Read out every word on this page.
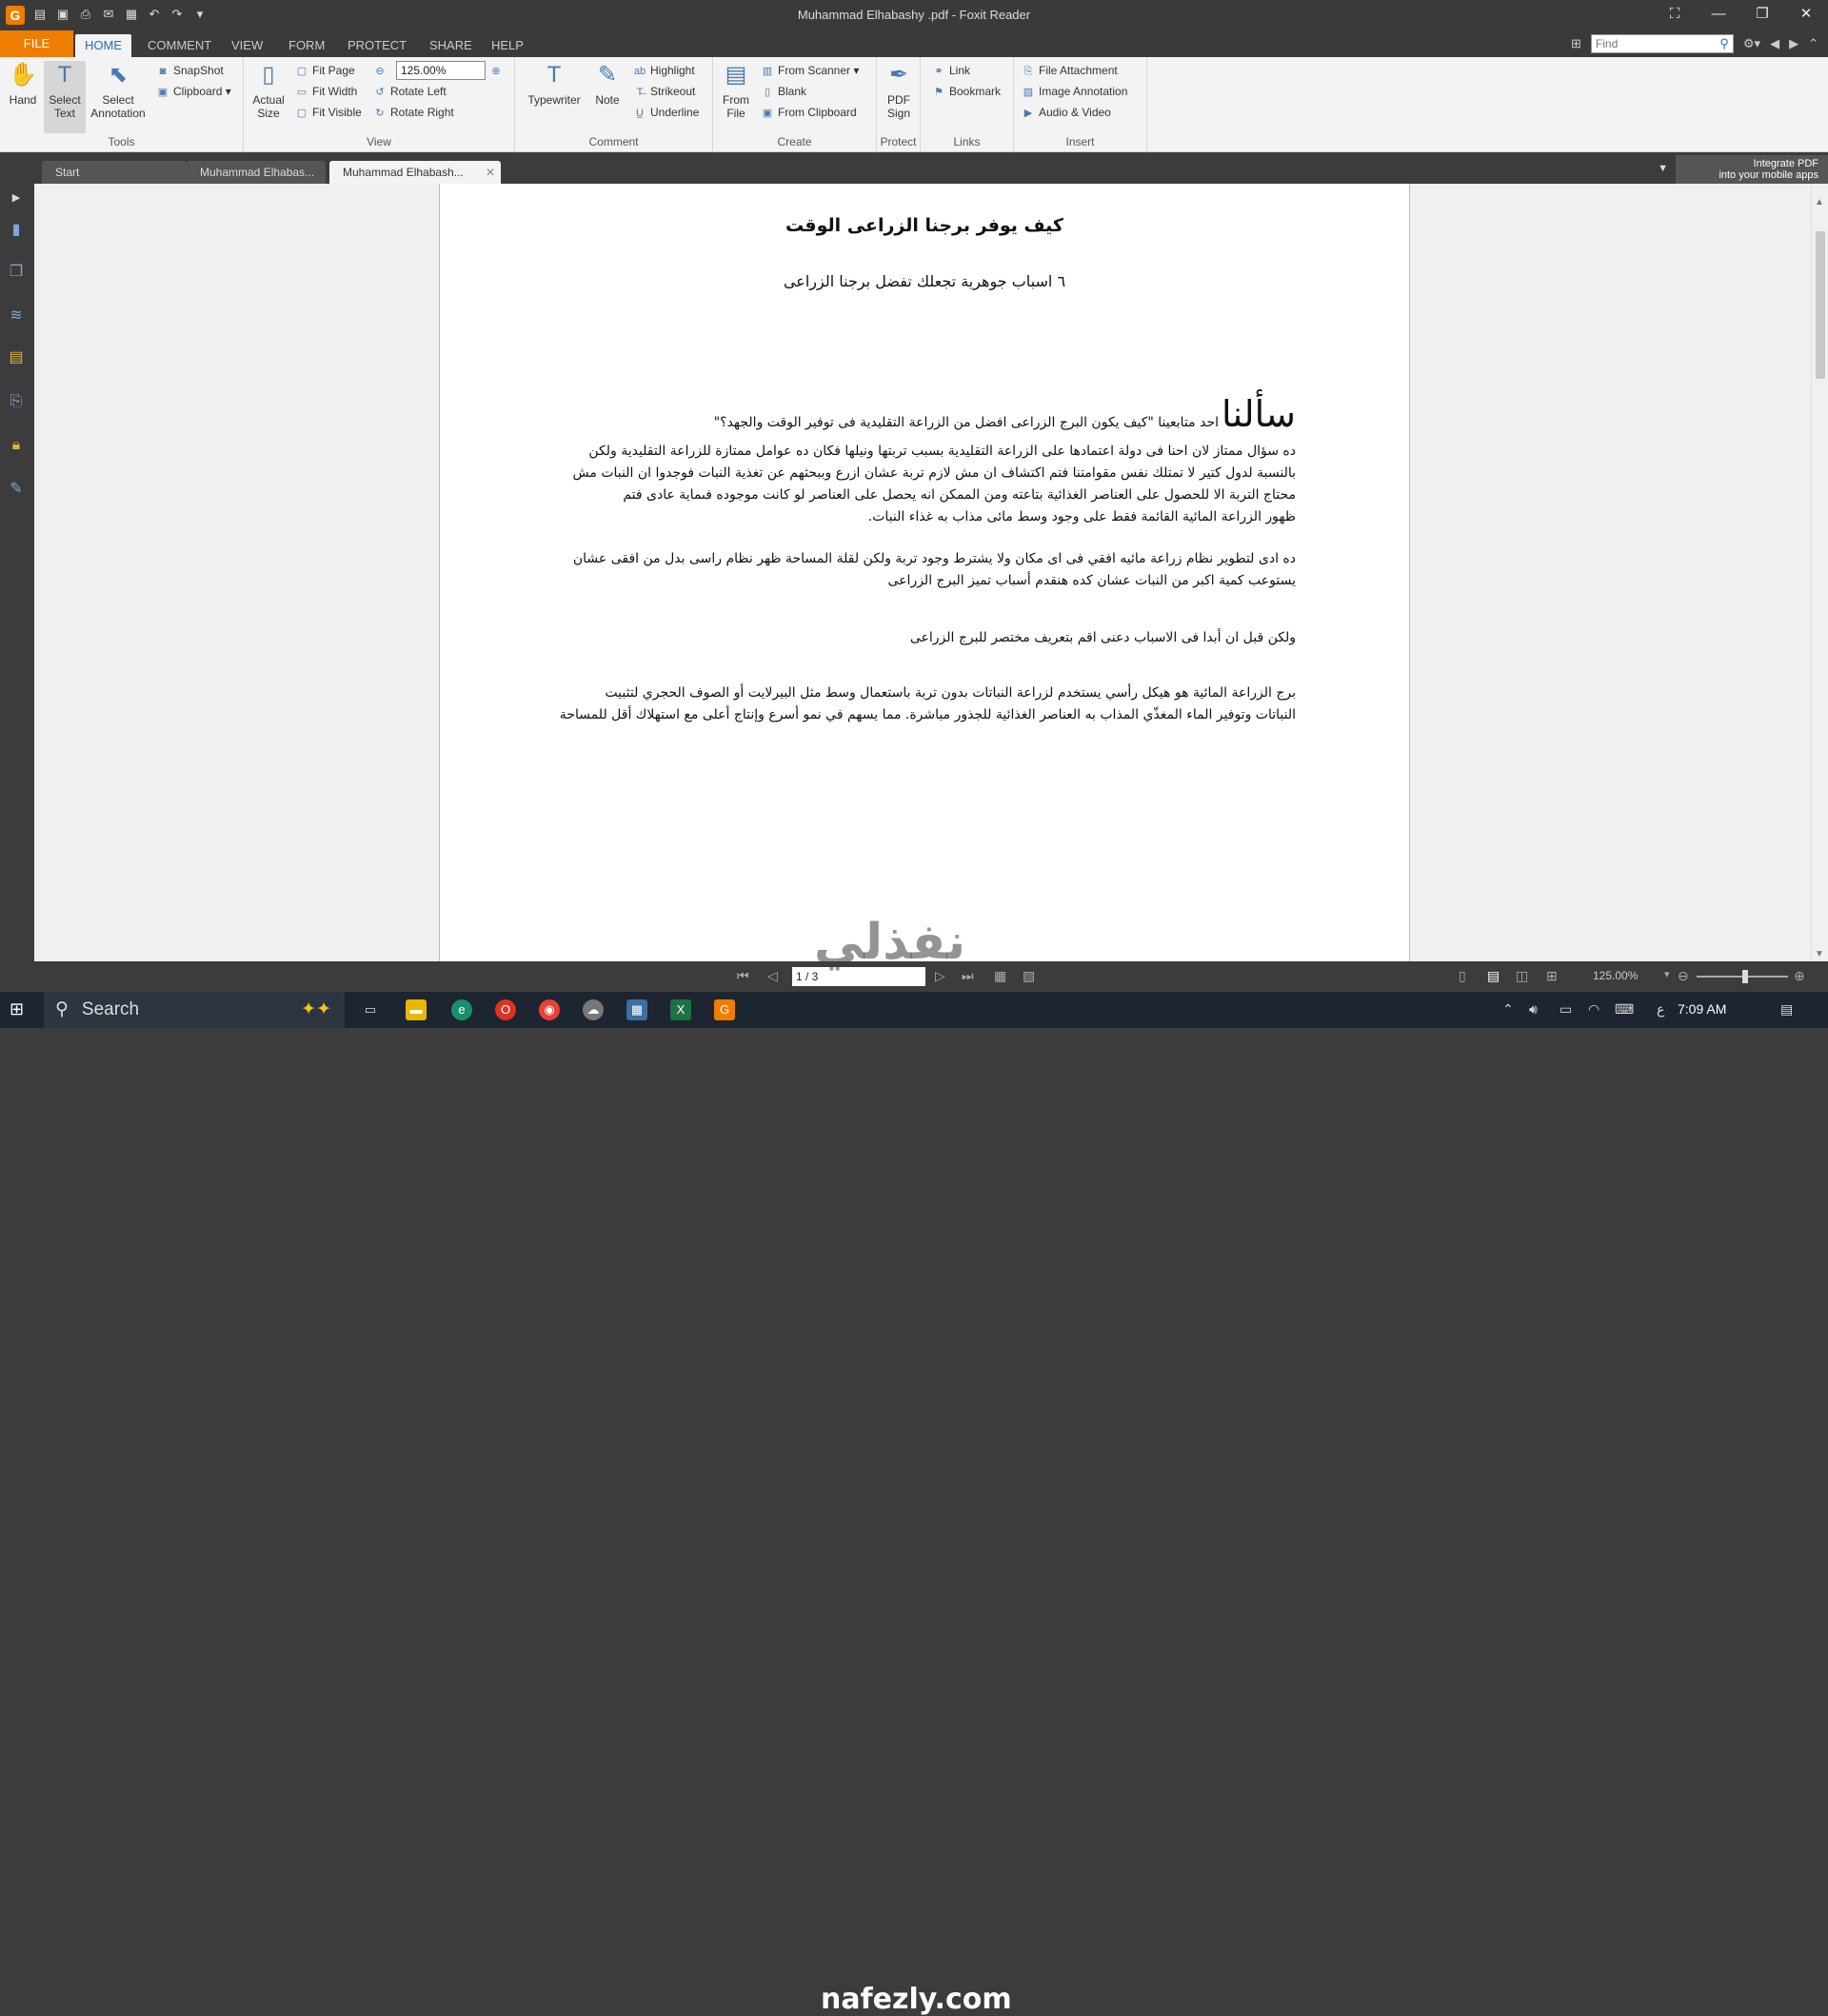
G	▤ ▣ ⎙ ✉ ▦ ↶ ↷	▾	Muhammad Elhabashy .pdf - Foxit Reader	⛶	—	❐	✕
FILE	HOME	COMMENT	VIEW	FORM	PROTECT	SHARE	HELP	⊞
Find	⚲ ⚙▾ ◀ ▶ ⌃
✋
Hand
T
Select
Text
⬉
Select
Annotation
◙ SnapShot
▣ Clipboard ▾
Tools
▯
Actual
Size
▢ Fit Page
▭ Fit Width
▢ Fit Visible
⊖	125.00%	⊕
↺ Rotate Left
↻ Rotate Right
View
T
Typewriter
✎
Note
ab Highlight
T̶ Strikeout
U̲ Underline
Comment
▤
From
File
▥ From Scanner ▾
▯ Blank
▣ From Clipboard
Create
✒
PDF
Sign
Protect
⚭ Link
⚑ Bookmark
Links
⎘ File Attachment
▨ Image Annotation
▶ Audio & Video
Insert
Start	Muhammad Elhabas...	Muhammad Elhabash... ✕	▼	Integrate PDF
into your mobile apps
▶
▮
❐
≋
▤
⎘
🔒︎
✎
كيف يوفر برجنا الزراعى الوقت
٦ اسباب جوهرية تجعلك تفضل برجنا الزراعى
سألنا
احد متابعينا "كيف يكون البرج الزراعى افضل من الزراعة التقليدية فى توفير الوقت والجهد؟"
ده سؤال ممتاز لان احنا فى دولة اعتمادها على الزراعة التقليدية بسبب تربتها ونيلها فكان ده عوامل ممتازة للزراعة التقليدية ولكن
بالنسبة لدول كتير لا تمتلك نفس مقوامتنا فتم اكتشاف ان مش لازم تربة عشان ازرع وببحثهم عن تغذية النبات فوجدوا ان النبات مش
محتاج التربة الا للحصول على العناصر الغذائية بتاعته ومن الممكن انه يحصل على العناصر لو كانت موجوده فىماية عادى فتم
ظهور الزراعة المائية القائمة فقط على وجود وسط مائى مذاب به غذاء النبات.
ده ادى لتطوير نظام زراعة مائيه افقي فى اى مكان ولا يشترط وجود تربة ولكن لقلة المساحة ظهر نظام راسى بدل من افقى عشان
يستوعب كمية اكبر من النبات عشان كده هنقدم أسباب تميز البرج الزراعى
ولكن قبل ان أبدا فى الاسباب دعنى اقم بتعريف مختصر للبرج الزراعى
برج الزراعة المائية هو هيكل رأسي يستخدم لزراعة النباتات بدون تربة باستعمال وسط مثل البيرلايت أو الصوف الحجري لتثبيت
النباتات وتوفير الماء المغذّي المذاب به العناصر الغذائية للجذور مباشرة. مما يسهم في نمو أسرع وإنتاج أعلى مع استهلاك أقل للمساحة
▲
▼
⏮ ◁	1 / 3	▷ ⏭ ▦ ▧	▯ ▤ ◫ ⊞	125.00%	▾ ⊖	⊕
نفذلي
⊞	⚲ Search	✦✦	▭	▬	e	O	◉	☁	▦	X	G
nafezly.com
⌃ 🔊︎ ▭ ◠ ⌨ ع 7:09 AM	▤
